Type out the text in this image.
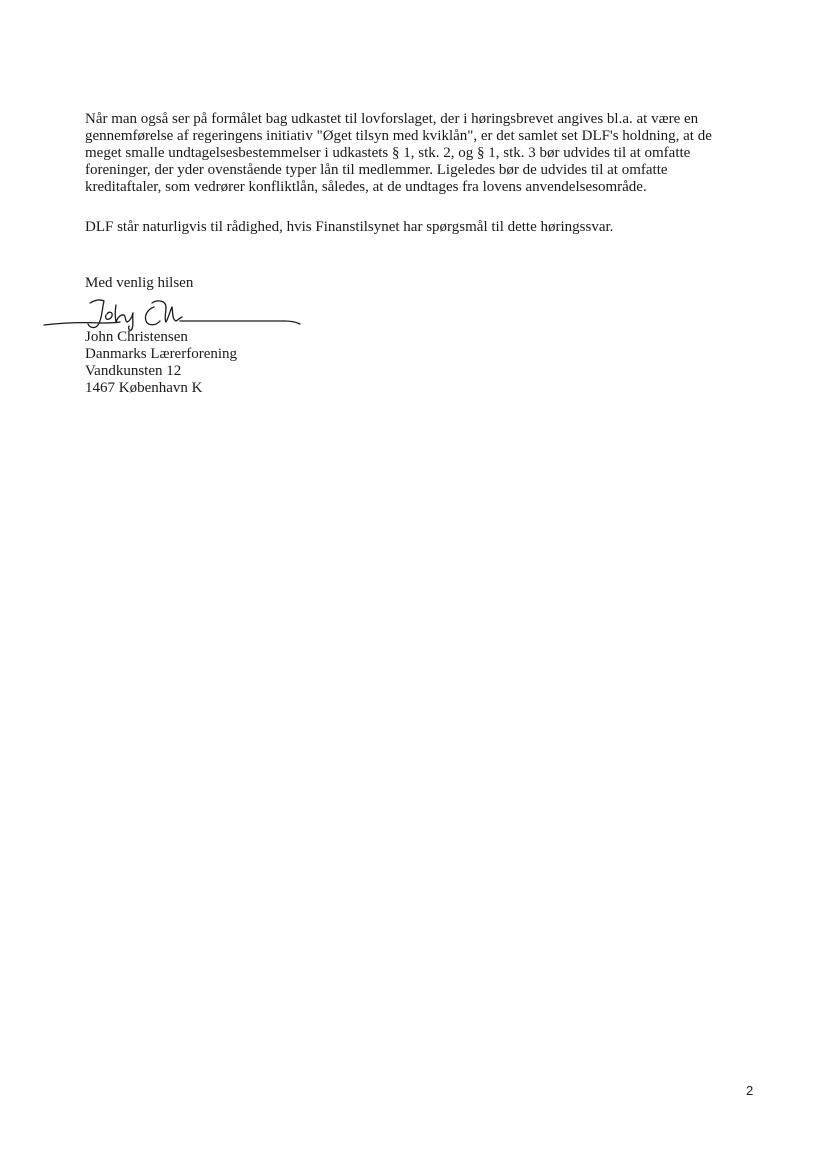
Når man også ser på formålet bag udkastet til lovforslaget, der i høringsbrevet angives bl.a. at være en
gennemførelse af regeringens initiativ "Øget tilsyn med kviklån", er det samlet set DLF's holdning, at de
meget smalle undtagelsesbestemmelser i udkastets § 1, stk. 2, og § 1, stk. 3 bør udvides til at omfatte
foreninger, der yder ovenstående typer lån til medlemmer. Ligeledes bør de udvides til at omfatte
kreditaftaler, som vedrører konfliktlån, således, at de undtages fra lovens anvendelsesområde.
DLF står naturligvis til rådighed, hvis Finanstilsynet har spørgsmål til dette høringssvar.
Med venlig hilsen
John Christensen
Danmarks Lærerforening
Vandkunsten 12
1467 København K
2
